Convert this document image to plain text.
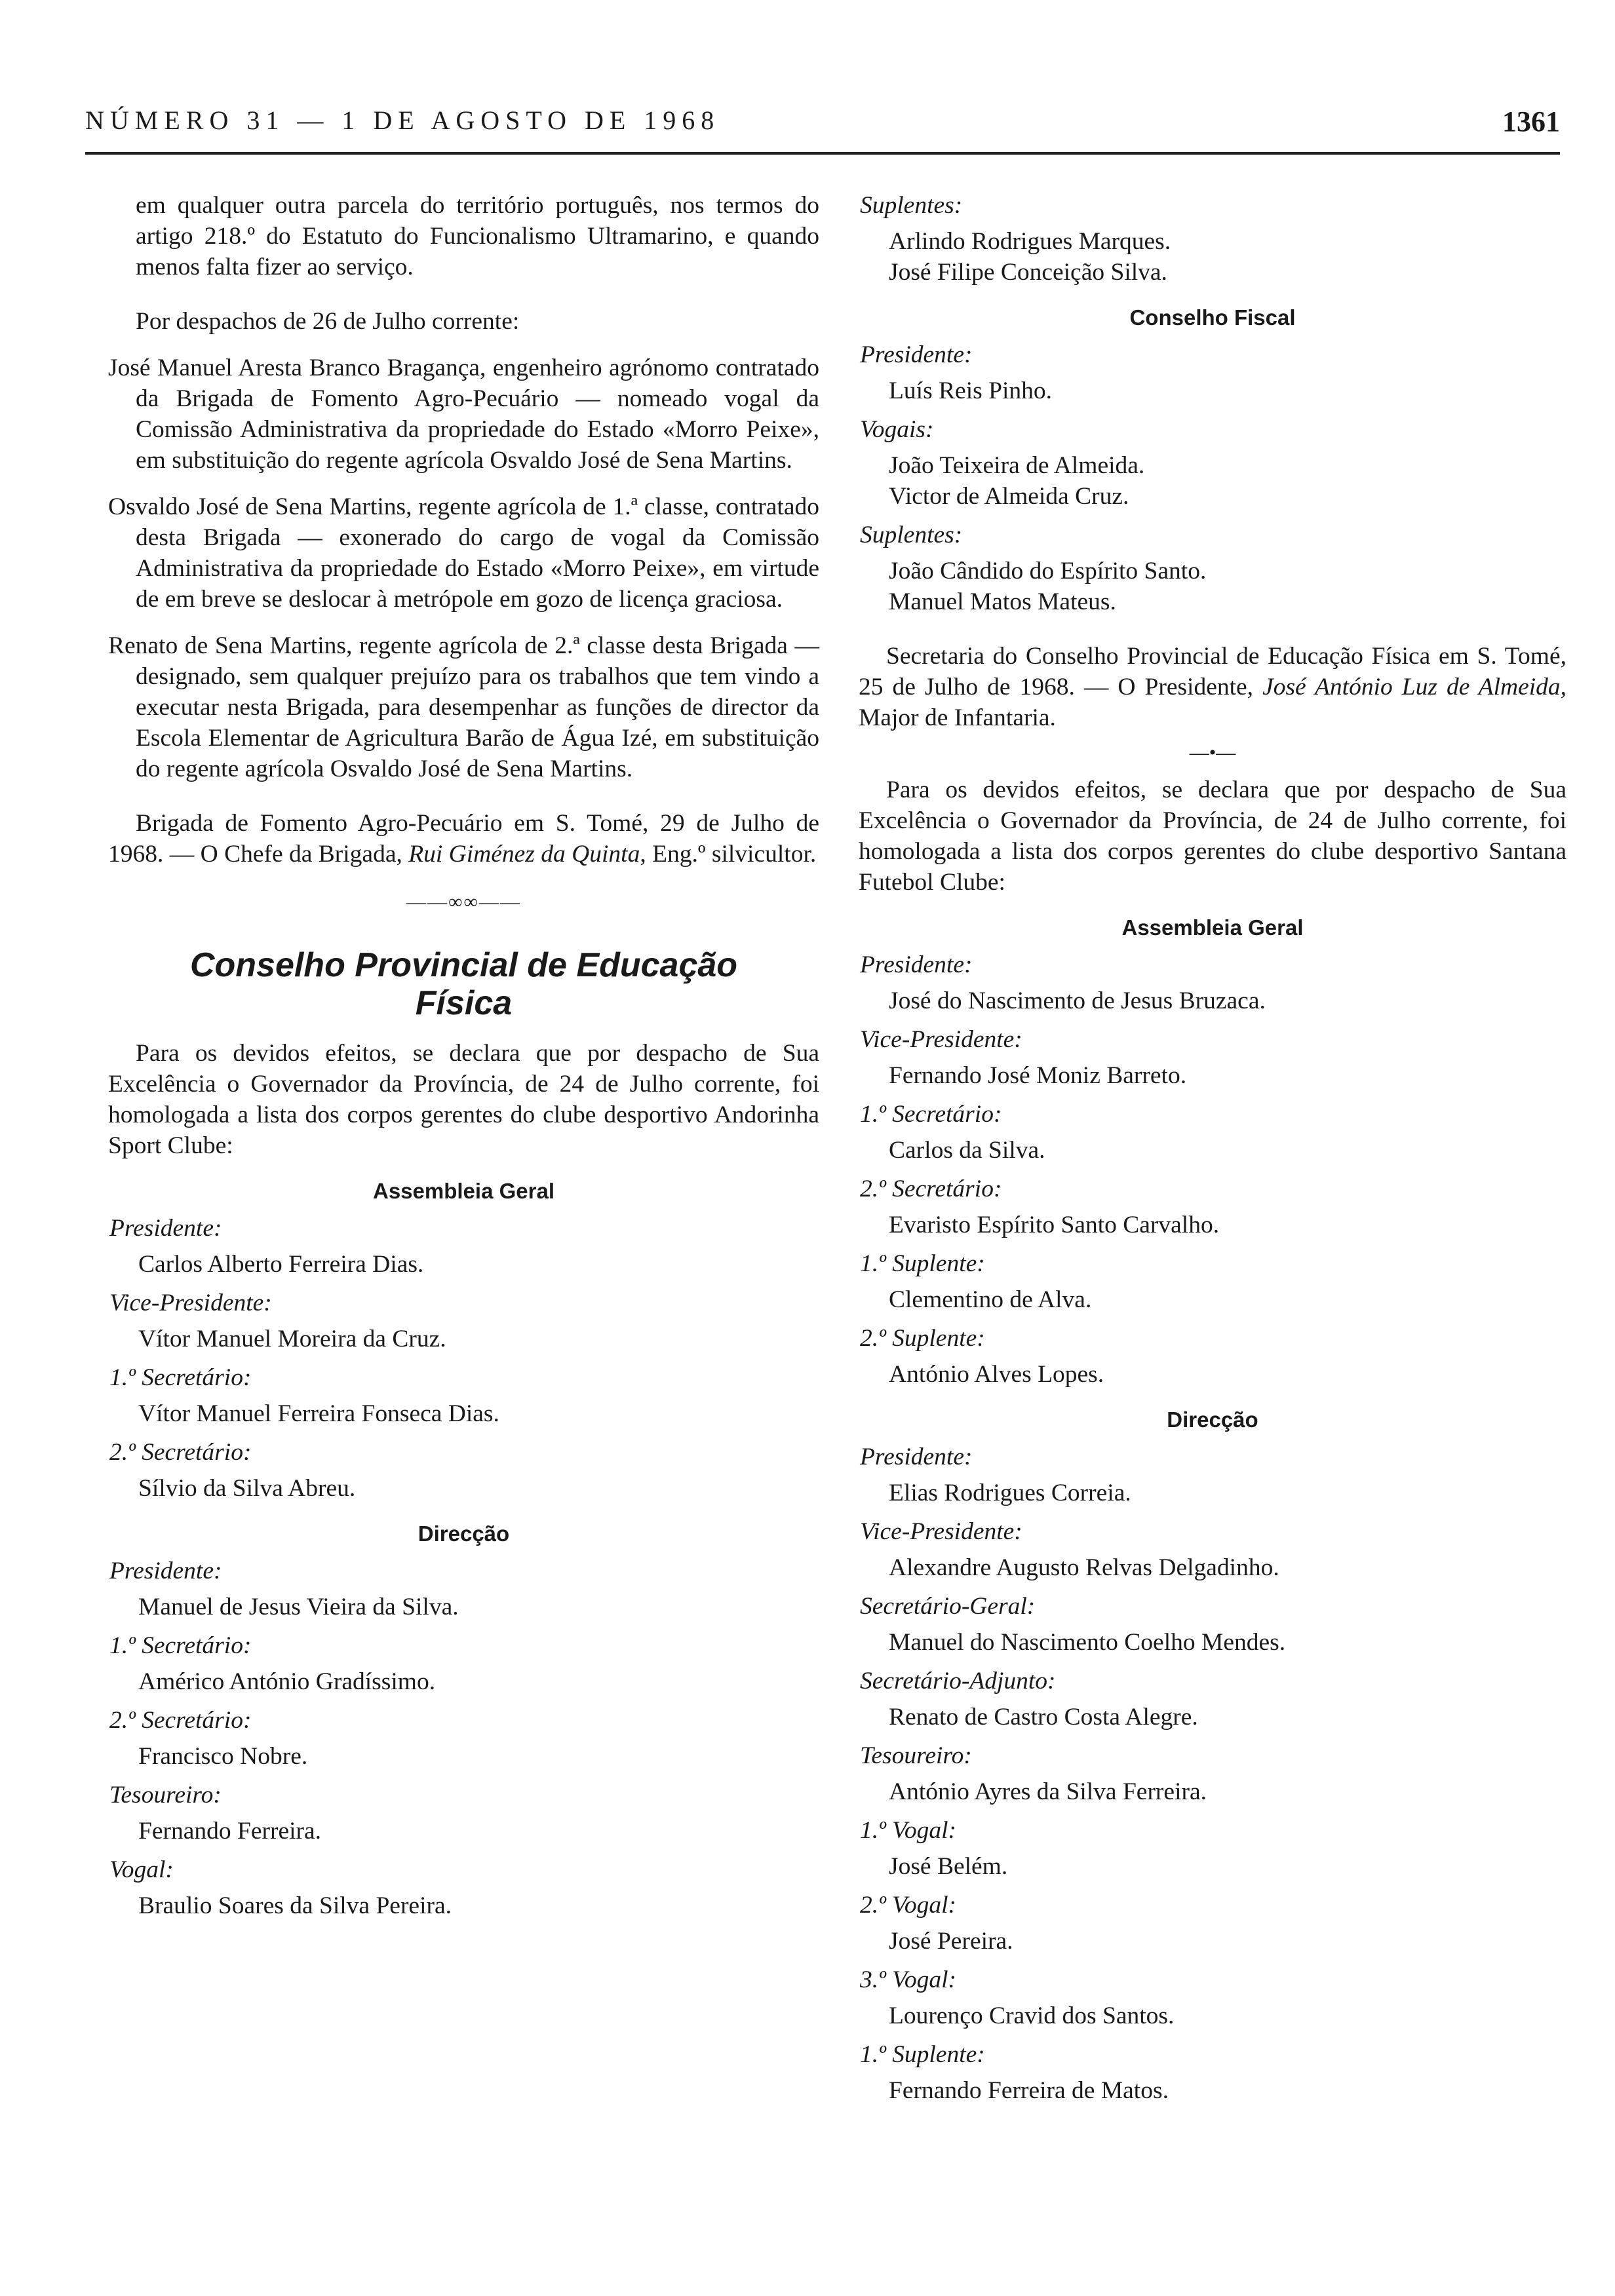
NÚMERO 31 — 1 DE AGOSTO DE 1968	1361

em qualquer outra parcela do território português, nos termos do artigo 218.º do Estatuto do Funcionalismo Ultramarino, e quando menos falta fizer ao serviço.

Por despachos de 26 de Julho corrente:

José Manuel Aresta Branco Bragança, engenheiro agrónomo contratado da Brigada de Fomento Agro-Pecuário — nomeado vogal da Comissão Administrativa da propriedade do Estado «Morro Peixe», em substituição do regente agrícola Osvaldo José de Sena Martins.

Osvaldo José de Sena Martins, regente agrícola de 1.ª classe, contratado desta Brigada — exonerado do cargo de vogal da Comissão Administrativa da propriedade do Estado «Morro Peixe», em virtude de em breve se deslocar à metrópole em gozo de licença graciosa.

Renato de Sena Martins, regente agrícola de 2.ª classe desta Brigada — designado, sem qualquer prejuízo para os trabalhos que tem vindo a executar nesta Brigada, para desempenhar as funções de director da Escola Elementar de Agricultura Barão de Água Izé, em substituição do regente agrícola Osvaldo José de Sena Martins.

Brigada de Fomento Agro-Pecuário em S. Tomé, 29 de Julho de 1968. — O Chefe da Brigada, Rui Giménez da Quinta, Eng.º silvicultor.

——∞∞——
Conselho Provincial de Educação
Física

Para os devidos efeitos, se declara que por despacho de Sua Excelência o Governador da Província, de 24 de Julho corrente, foi homologada a lista dos corpos gerentes do clube desportivo Andorinha Sport Clube:

Assembleia Geral
Presidente:
Carlos Alberto Ferreira Dias.
Vice-Presidente:
Vítor Manuel Moreira da Cruz.
1.º Secretário:
Vítor Manuel Ferreira Fonseca Dias.
2.º Secretário:
Sílvio da Silva Abreu.
Direcção
Presidente:
Manuel de Jesus Vieira da Silva.
1.º Secretário:
Américo António Gradíssimo.
2.º Secretário:
Francisco Nobre.
Tesoureiro:
Fernando Ferreira.
Vogal:
Braulio Soares da Silva Pereira.
Suplentes:
Arlindo Rodrigues Marques.
José Filipe Conceição Silva.
Conselho Fiscal
Presidente:
Luís Reis Pinho.
Vogais:
João Teixeira de Almeida.
Victor de Almeida Cruz.
Suplentes:
João Cândido do Espírito Santo.
Manuel Matos Mateus.

Secretaria do Conselho Provincial de Educação Física em S. Tomé, 25 de Julho de 1968. — O Presidente, José António Luz de Almeida, Major de Infantaria.

—•—

Para os devidos efeitos, se declara que por despacho de Sua Excelência o Governador da Província, de 24 de Julho corrente, foi homologada a lista dos corpos gerentes do clube desportivo Santana Futebol Clube:

Assembleia Geral
Presidente:
José do Nascimento de Jesus Bruzaca.
Vice-Presidente:
Fernando José Moniz Barreto.
1.º Secretário:
Carlos da Silva.
2.º Secretário:
Evaristo Espírito Santo Carvalho.
1.º Suplente:
Clementino de Alva.
2.º Suplente:
António Alves Lopes.
Direcção
Presidente:
Elias Rodrigues Correia.
Vice-Presidente:
Alexandre Augusto Relvas Delgadinho.
Secretário-Geral:
Manuel do Nascimento Coelho Mendes.
Secretário-Adjunto:
Renato de Castro Costa Alegre.
Tesoureiro:
António Ayres da Silva Ferreira.
1.º Vogal:
José Belém.
2.º Vogal:
José Pereira.
3.º Vogal:
Lourenço Cravid dos Santos.
1.º Suplente:
Fernando Ferreira de Matos.
